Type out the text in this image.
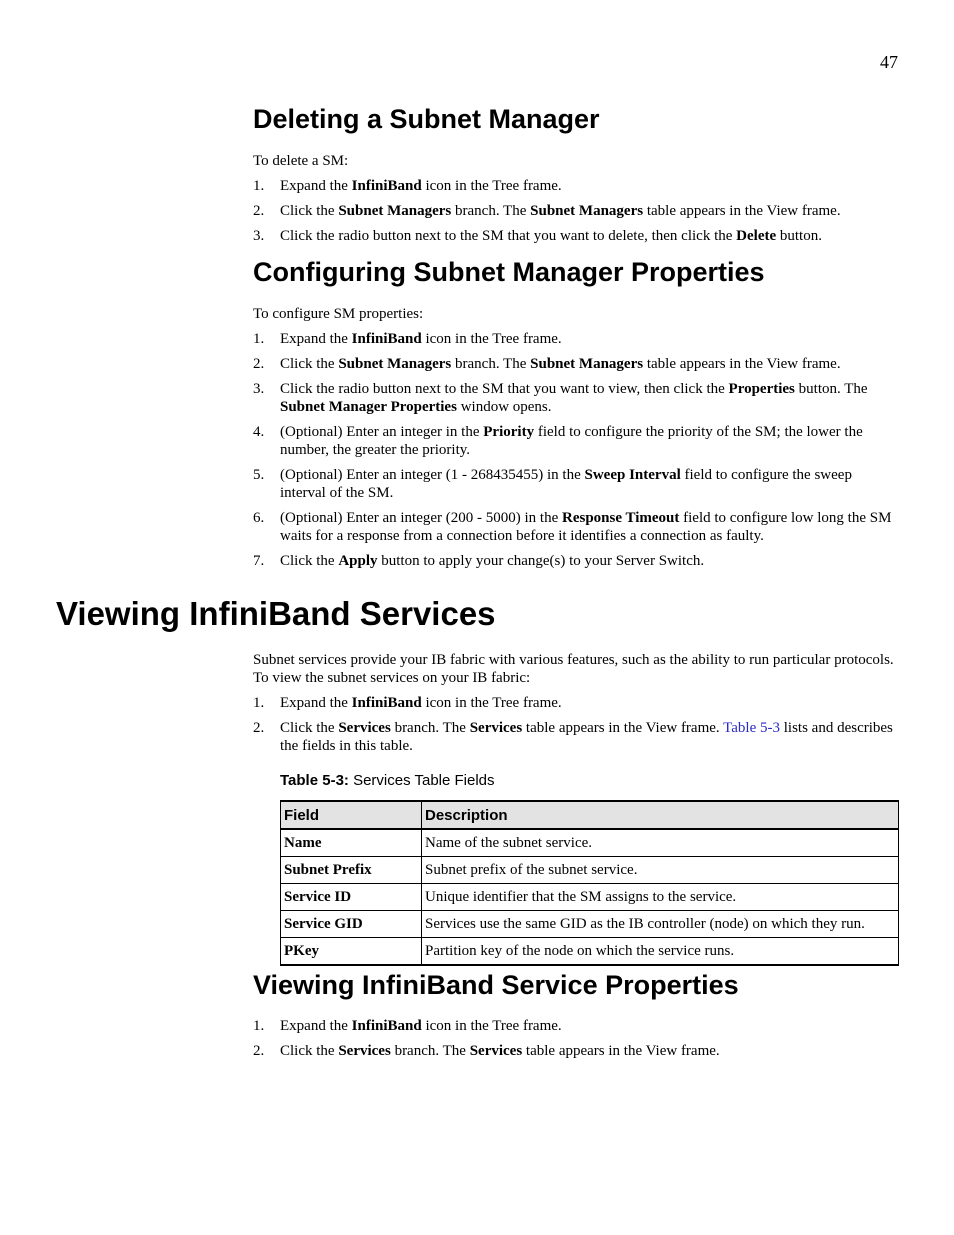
47
Deleting a Subnet Manager
To delete a SM:
1. Expand the InfiniBand icon in the Tree frame.
2. Click the Subnet Managers branch. The Subnet Managers table appears in the View frame.
3. Click the radio button next to the SM that you want to delete, then click the Delete button.
Configuring Subnet Manager Properties
To configure SM properties:
1. Expand the InfiniBand icon in the Tree frame.
2. Click the Subnet Managers branch. The Subnet Managers table appears in the View frame.
3. Click the radio button next to the SM that you want to view, then click the Properties button. The Subnet Manager Properties window opens.
4. (Optional) Enter an integer in the Priority field to configure the priority of the SM; the lower the number, the greater the priority.
5. (Optional) Enter an integer (1 - 268435455) in the Sweep Interval field to configure the sweep interval of the SM.
6. (Optional) Enter an integer (200 - 5000) in the Response Timeout field to configure low long the SM waits for a response from a connection before it identifies a connection as faulty.
7. Click the Apply button to apply your change(s) to your Server Switch.
Viewing InfiniBand Services
Subnet services provide your IB fabric with various features, such as the ability to run particular protocols. To view the subnet services on your IB fabric:
1. Expand the InfiniBand icon in the Tree frame.
2. Click the Services branch. The Services table appears in the View frame. Table 5-3 lists and describes the fields in this table.
Table 5-3: Services Table Fields
Field	Description
Name	Name of the subnet service.
Subnet Prefix	Subnet prefix of the subnet service.
Service ID	Unique identifier that the SM assigns to the service.
Service GID	Services use the same GID as the IB controller (node) on which they run.
PKey	Partition key of the node on which the service runs.
Viewing InfiniBand Service Properties
1. Expand the InfiniBand icon in the Tree frame.
2. Click the Services branch. The Services table appears in the View frame.
